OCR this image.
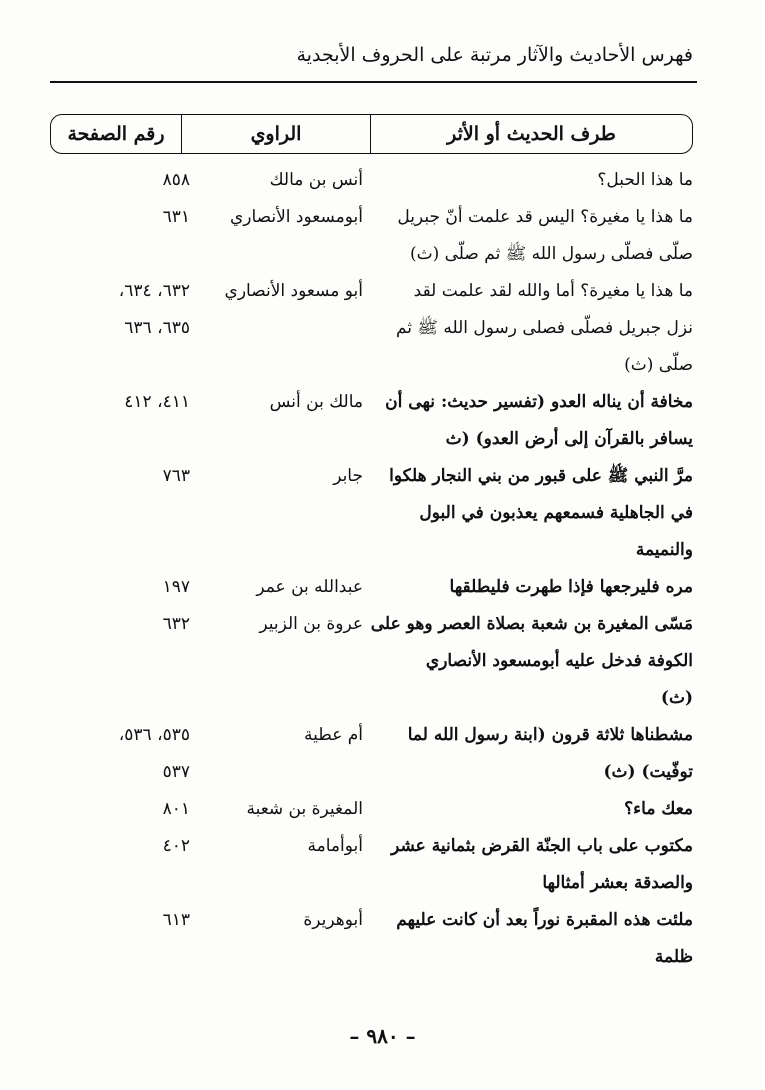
فهرس الأحاديث والآثار مرتبة على الحروف الأبجدية
طرف الحديث أو الأثر
الراوي
رقم الصفحة
ما هذا الحبل؟
أنس بن مالك
٨٥٨
ما هذا يا مغيرة؟ اليس قد علمت أنّ جبريل
أبومسعود الأنصاري
٦٣١
صلّى فصلّى رسول الله ﷺ ثم صلّى (ث)
ما هذا يا مغيرة؟ أما والله لقد علمت لقد
أبو مسعود الأنصاري
٦٣٢، ٦٣٤،
نزل جبريل فصلّى فصلى رسول الله ﷺ ثم
٦٣٥، ٦٣٦
صلّى (ث)
مخافة أن يناله العدو (تفسير حديث: نهى أن
مالك بن أنس
٤١١، ٤١٢
يسافر بالقرآن إلى أرض العدو) (ث
مرَّ النبي ﷺ على قبور من بني النجار هلكوا
جابر
٧٦٣
في الجاهلية فسمعهم يعذبون في البول
والنميمة
مره فليرجعها فإذا طهرت فليطلقها
عبدالله بن عمر
١٩٧
مَسّى المغيرة بن شعبة بصلاة العصر وهو على
عروة بن الزبير
٦٣٢
الكوفة فدخل عليه أبومسعود الأنصاري
(ث)
مشطناها ثلاثة قرون (ابنة رسول الله لما
أم عطية
٥٣٥، ٥٣٦،
توفّيت) (ث)
٥٣٧
معك ماء؟
المغيرة بن شعبة
٨٠١
مكتوب على باب الجنّة القرض بثمانية عشر
أبوأمامة
٤٠٢
والصدقة بعشر أمثالها
ملئت هذه المقبرة نوراً بعد أن كانت عليهم
أبوهريرة
٦١٣
ظلمة
– ٩٨٠ –
